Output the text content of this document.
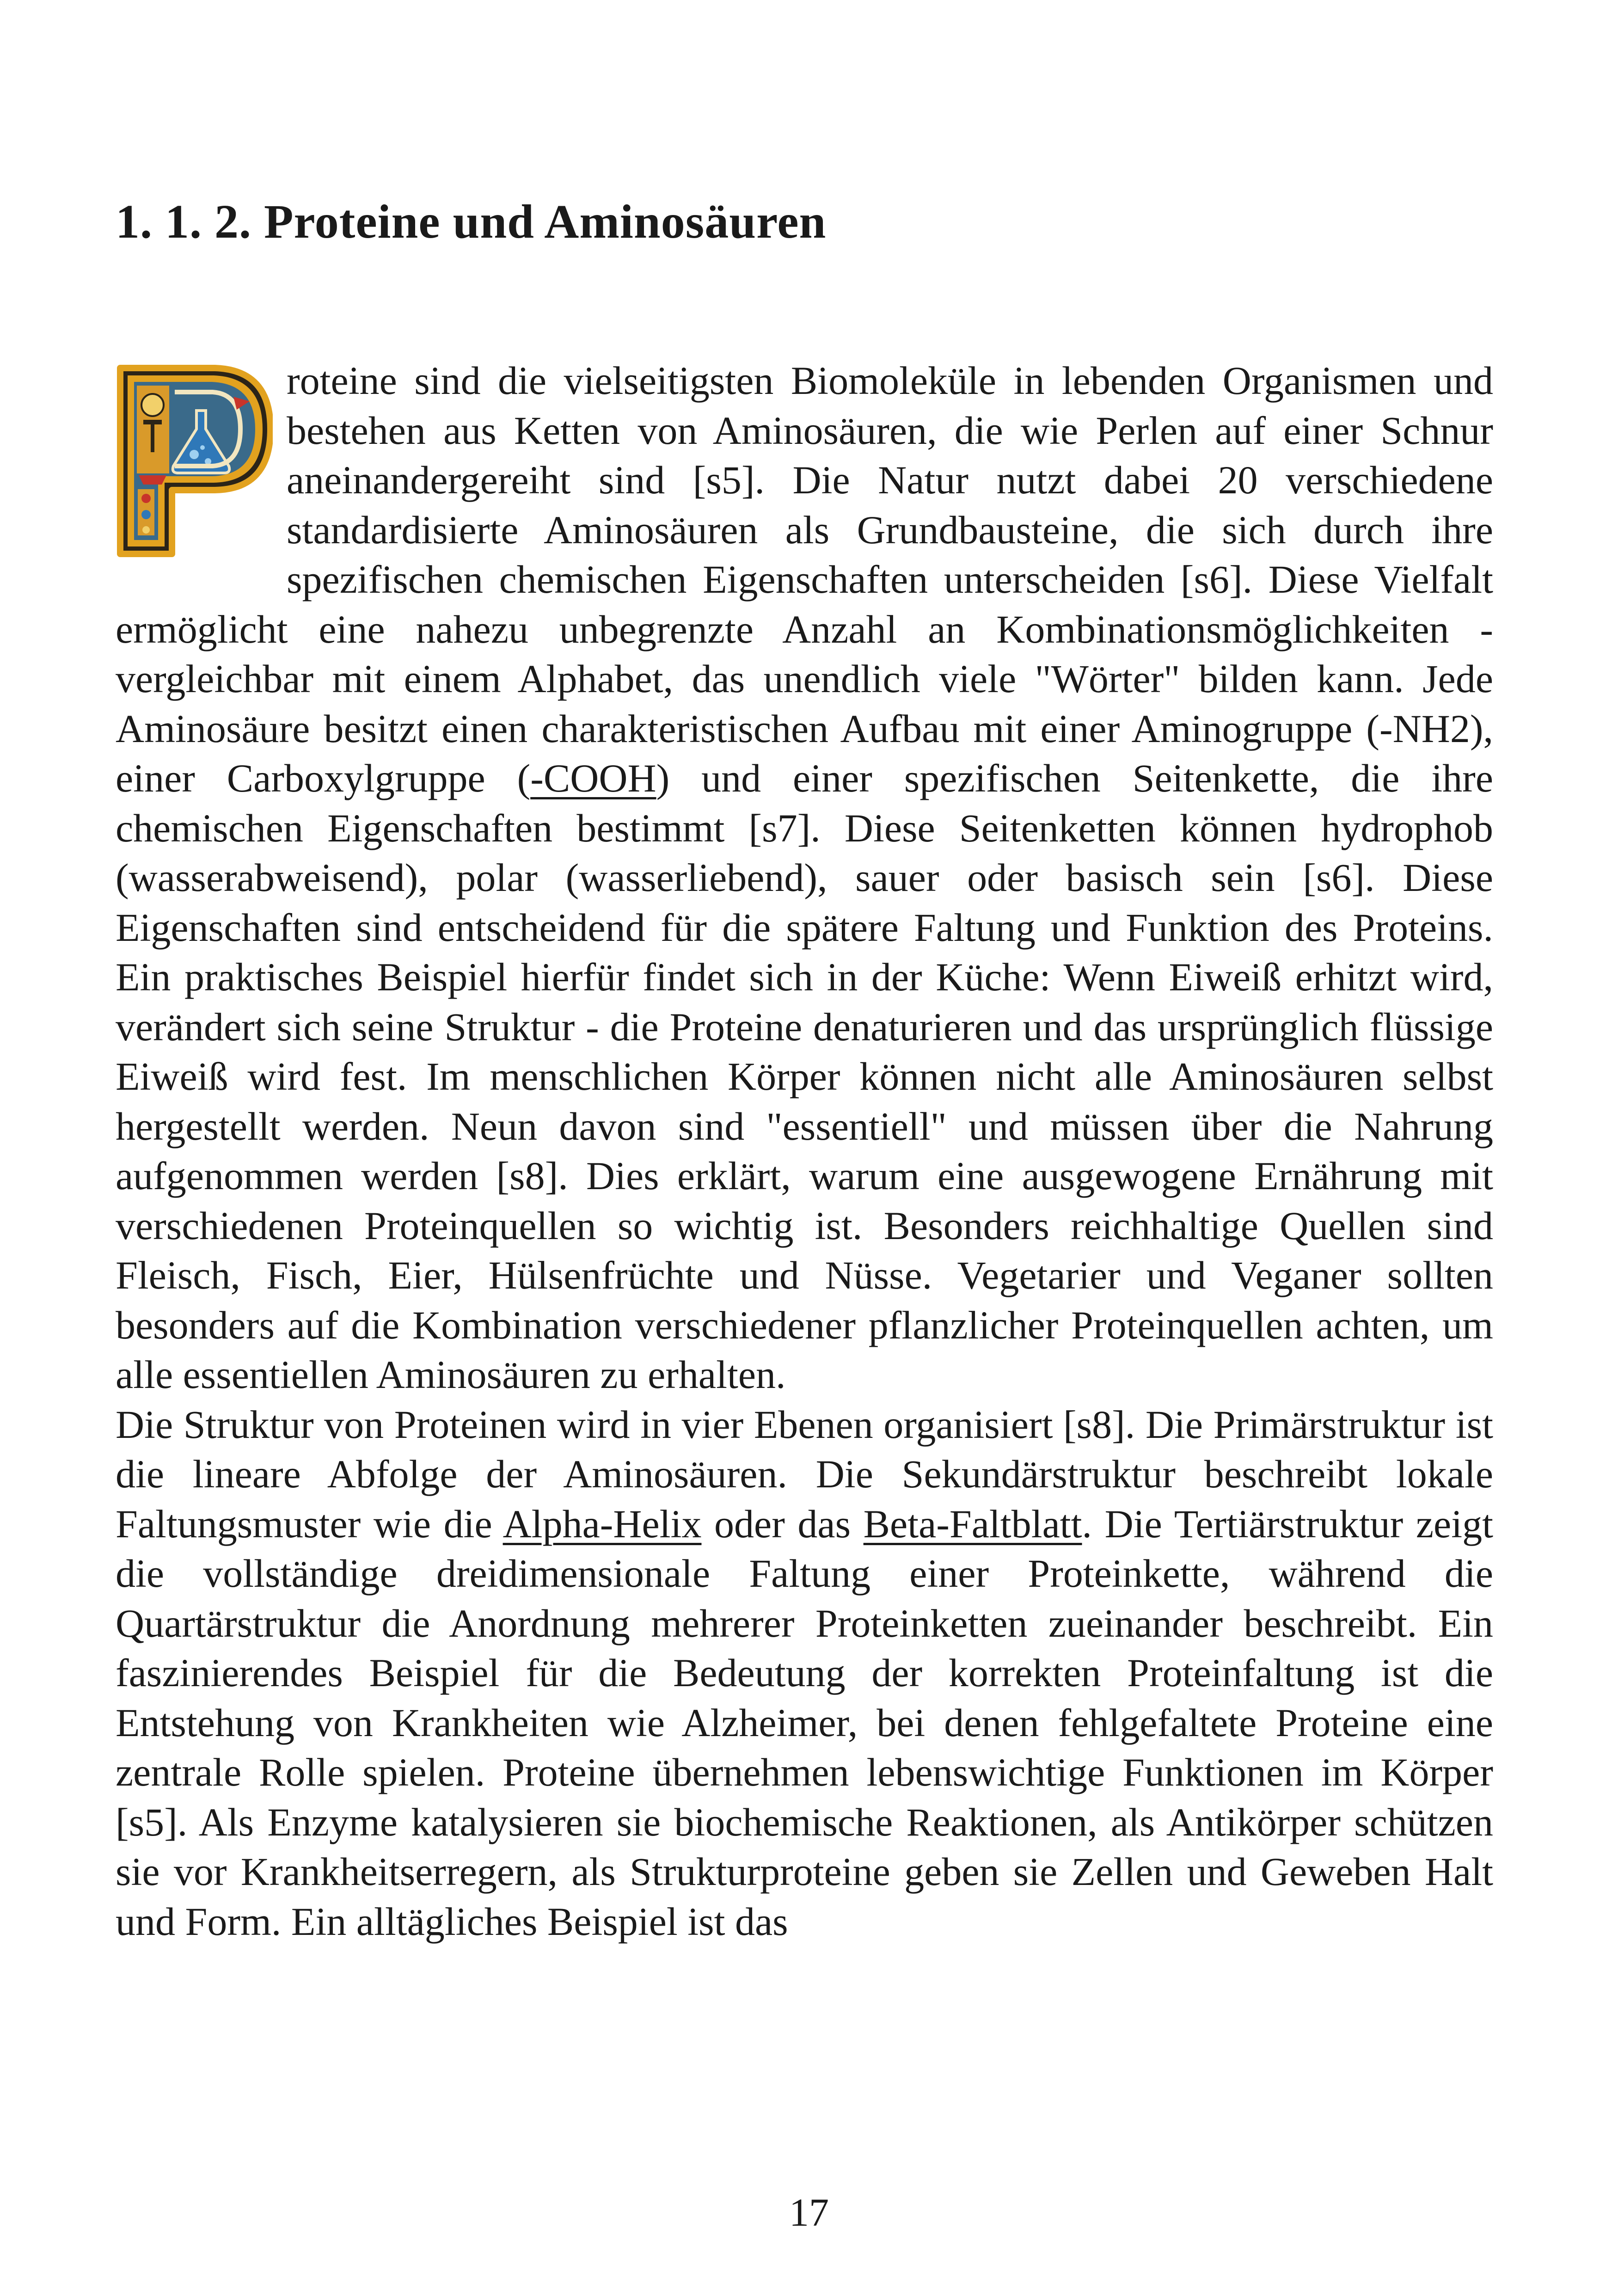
1. 1. 2. Proteine und Aminosäuren

roteine sind die vielseitigsten Biomoleküle in lebenden Organismen und bestehen aus Ketten von Aminosäuren, die wie Perlen auf einer Schnur aneinandergereiht sind [s5]. Die Natur nutzt dabei 20 verschiedene standardisierte Aminosäuren als Grundbausteine, die sich durch ihre spezifischen chemischen Eigenschaften unterscheiden [s6]. Diese Vielfalt ermöglicht eine nahezu unbegrenzte Anzahl an Kombinationsmöglichkeiten - vergleichbar mit einem Alphabet, das unendlich viele "Wörter" bilden kann. Jede Aminosäure besitzt einen charakteristischen Aufbau mit einer Aminogruppe (-NH2), einer Carboxylgruppe (-COOH) und einer spezifischen Seitenkette, die ihre chemischen Eigenschaften bestimmt [s7]. Diese Seitenketten können hydrophob (wasserabweisend), polar (wasserliebend), sauer oder basisch sein [s6]. Diese Eigenschaften sind entscheidend für die spätere Faltung und Funktion des Proteins. Ein praktisches Beispiel hierfür findet sich in der Küche: Wenn Eiweiß erhitzt wird, verändert sich seine Struktur - die Proteine denaturieren und das ursprünglich flüssige Eiweiß wird fest. Im menschlichen Körper können nicht alle Aminosäuren selbst hergestellt werden. Neun davon sind "essentiell" und müssen über die Nahrung aufgenommen werden [s8]. Dies erklärt, warum eine ausgewogene Ernährung mit verschiedenen Proteinquellen so wichtig ist. Besonders reichhaltige Quellen sind Fleisch, Fisch, Eier, Hülsenfrüchte und Nüsse. Vegetarier und Veganer sollten besonders auf die Kombination verschiedener pflanzlicher Proteinquellen achten, um alle essentiellen Aminosäuren zu erhalten.

Die Struktur von Proteinen wird in vier Ebenen organisiert [s8]. Die Primärstruktur ist die lineare Abfolge der Aminosäuren. Die Sekundärstruktur beschreibt lokale Faltungsmuster wie die Alpha-Helix oder das Beta-Faltblatt. Die Tertiärstruktur zeigt die vollständige dreidimensionale Faltung einer Proteinkette, während die Quartärstruktur die Anordnung mehrerer Proteinketten zueinander beschreibt. Ein faszinierendes Beispiel für die Bedeutung der korrekten Proteinfaltung ist die Entstehung von Krankheiten wie Alzheimer, bei denen fehlgefaltete Proteine eine zentrale Rolle spielen. Proteine übernehmen lebenswichtige Funktionen im Körper [s5]. Als Enzyme katalysieren sie biochemische Reaktionen, als Antikörper schützen sie vor Krankheitserregern, als Strukturproteine geben sie Zellen und Geweben Halt und Form. Ein alltägliches Beispiel ist das

17
